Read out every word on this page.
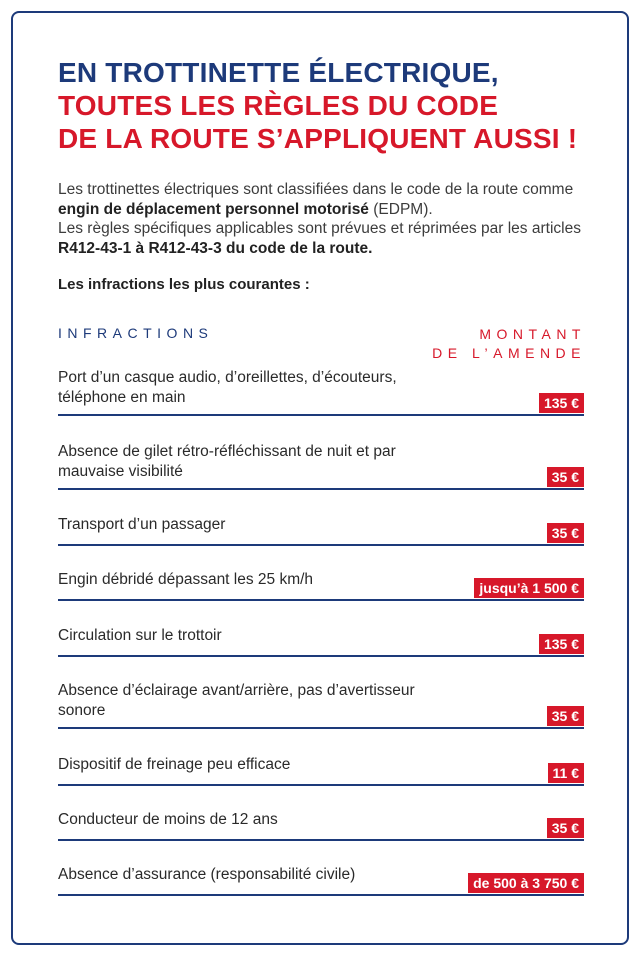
EN TROTTINETTE ÉLECTRIQUE,
TOUTES LES RÈGLES DU CODE
DE LA ROUTE S’APPLIQUENT AUSSI !
Les trottinettes électriques sont classifiées dans le code de la route comme engin de déplacement personnel motorisé (EDPM).
Les règles spécifiques applicables sont prévues et réprimées par les articles R412-43-1 à R412-43-3 du code de la route.
Les infractions les plus courantes :
INFRACTIONS	MONTANT
DE L’AMENDE
Port d’un casque audio, d’oreillettes, d’écouteurs, téléphone en main	135 €
Absence de gilet rétro-réfléchissant de nuit et par mauvaise visibilité	35 €
Transport d’un passager	35 €
Engin débridé dépassant les 25 km/h	jusqu’à 1 500 €
Circulation sur le trottoir	135 €
Absence d’éclairage avant/arrière, pas d’avertisseur sonore	35 €
Dispositif de freinage peu efficace	11 €
Conducteur de moins de 12 ans	35 €
Absence d’assurance (responsabilité civile)	de 500 à 3 750 €
